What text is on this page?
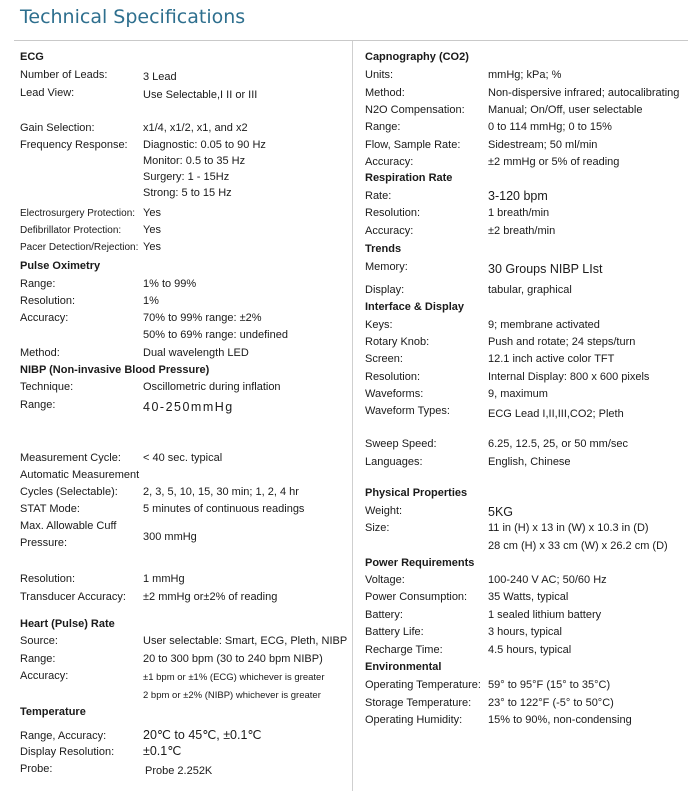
Technical Specifications
ECG
Number of Leads:	3 Lead
Lead View:	Use Selectable,I II or III
Gain Selection:	x1/4, x1/2, x1, and x2
Frequency Response: Diagnostic: 0.05 to 90 Hz
Monitor: 0.5 to 35 Hz
Surgery: 1 - 15Hz
Strong: 5 to 15 Hz
Electrosurgery Protection: Yes
Defibrillator Protection: Yes
Pacer Detection/Rejection: Yes
Pulse Oximetry
Range:	1% to 99%
Resolution:	1%
Accuracy:	70% to 99% range: ±2%
50% to 69% range: undefined
Method:	Dual wavelength LED
NIBP (Non-invasive Blood Pressure)
Technique:	Oscillometric during inflation
Range:	40-250mmHg
Measurement Cycle: < 40 sec. typical
Automatic Measurement
Cycles (Selectable): 2, 3, 5, 10, 15, 30 min; 1, 2, 4 hr
STAT Mode:	5 minutes of continuous readings
Max. Allowable Cuff
Pressure:	300 mmHg
Resolution:	1 mmHg
Transducer Accuracy: ±2 mmHg or±2% of reading
Heart (Pulse) Rate
Source:	User selectable: Smart, ECG, Pleth, NIBP
Range:	20 to 300 bpm (30 to 240 bpm NIBP)
Accuracy:	±1 bpm or ±1% (ECG) whichever is greater
2 bpm or ±2% (NIBP) whichever is greater
Temperature
Range, Accuracy:	20℃ to 45℃, ±0.1℃
Display Resolution: ±0.1℃
Probe:	Probe 2.252K
Capnography (CO2)
Units:	mmHg; kPa; %
Method:	Non-dispersive infrared; autocalibrating
N2O Compensation: Manual; On/Off, user selectable
Range:	0 to 114 mmHg; 0 to 15%
Flow, Sample Rate:	Sidestream; 50 ml/min
Accuracy:	±2 mmHg or 5% of reading
Respiration Rate
Rate:	3-120 bpm
Resolution:	1 breath/min
Accuracy:	±2 breath/min
Trends
Memory:	30 Groups NIBP LIst
Display:	tabular, graphical
Interface & Display
Keys:	9; membrane activated
Rotary Knob:	Push and rotate; 24 steps/turn
Screen:	12.1 inch active color TFT
Resolution:	Internal Display: 800 x 600 pixels
Waveforms:	9, maximum
Waveform Types:	ECG Lead I,II,III,CO2; Pleth
Sweep Speed:	6.25, 12.5, 25, or 50 mm/sec
Languages:	English, Chinese
Physical Properties
Weight:	5KG
Size:	11 in (H) x 13 in (W) x 10.3 in (D)
28 cm (H) x 33 cm (W) x 26.2 cm (D)
Power Requirements
Voltage:	100-240 V AC; 50/60 Hz
Power Consumption: 35 Watts, typical
Battery:	1 sealed lithium battery
Battery Life:	3 hours, typical
Recharge Time:	4.5 hours, typical
Environmental
Operating Temperature: 59° to 95°F (15° to 35°C)
Storage Temperature: 23° to 122°F (-5° to 50°C)
Operating Humidity: 15% to 90%, non-condensing
